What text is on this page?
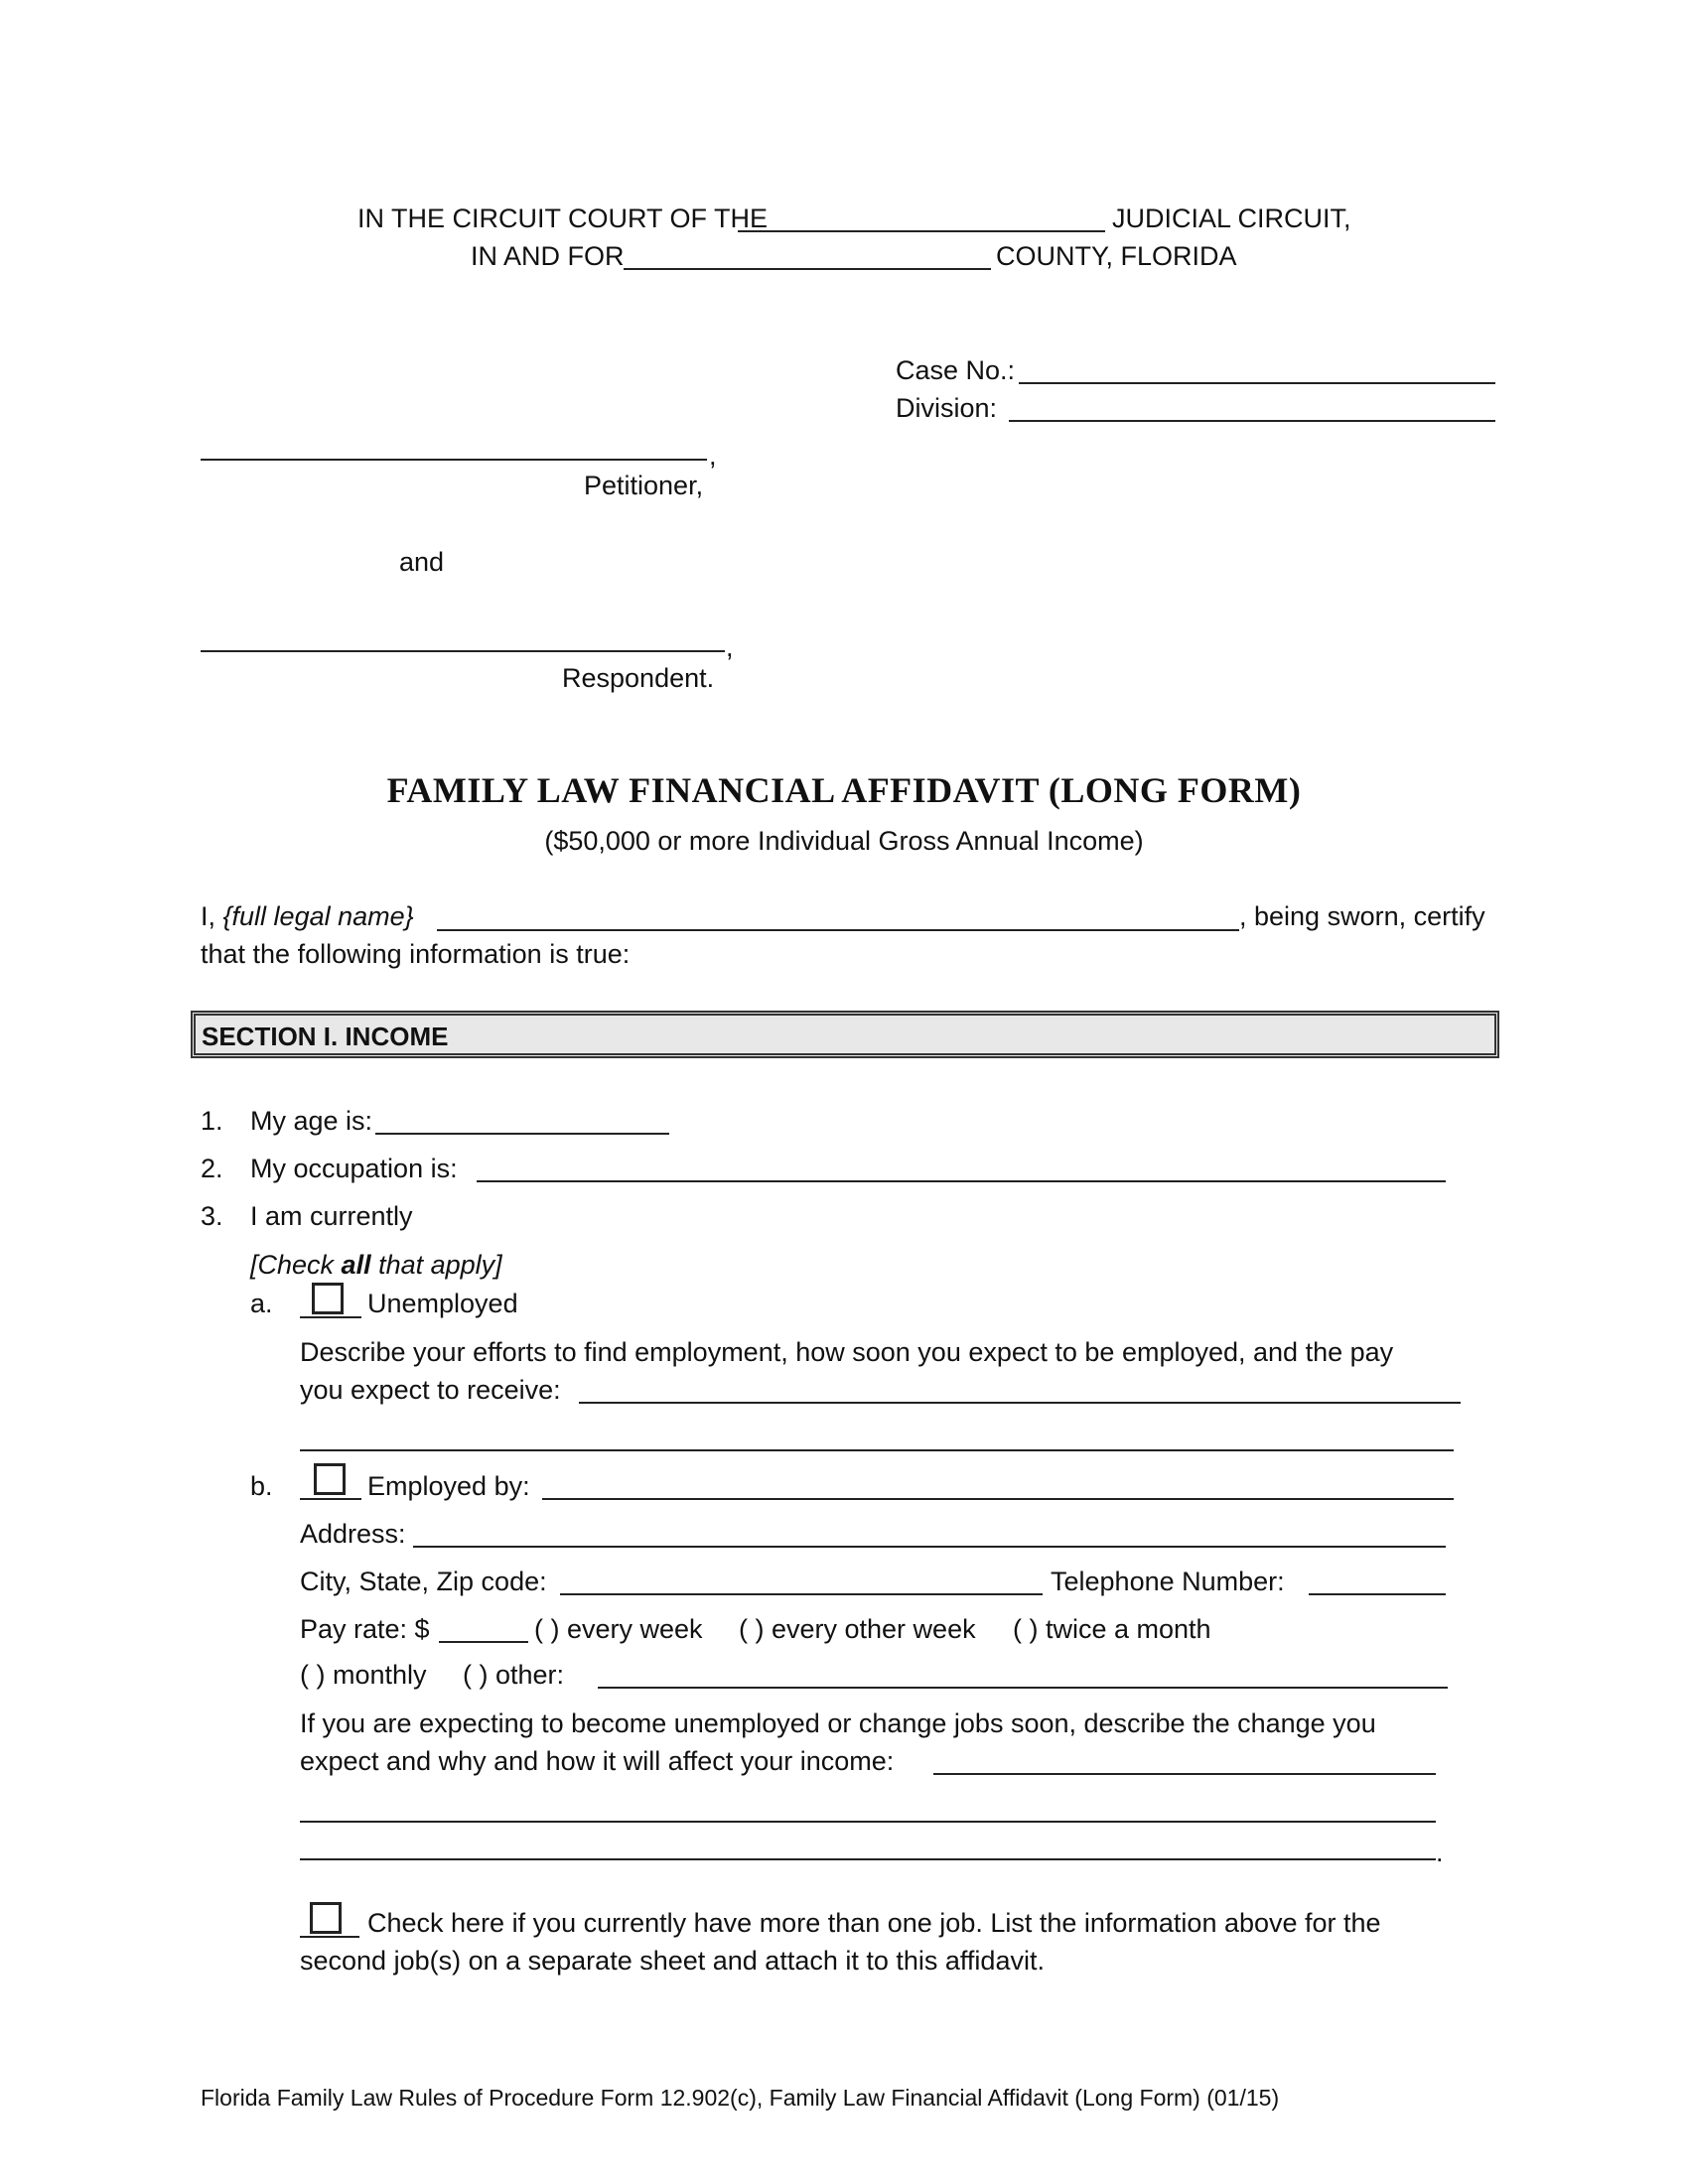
IN THE CIRCUIT COURT OF THE	JUDICIAL CIRCUIT,
IN AND FOR	COUNTY, FLORIDA
Case No.:
Division:
,
Petitioner,
and
,
Respondent.
FAMILY LAW FINANCIAL AFFIDAVIT (LONG FORM)
($50,000 or more Individual Gross Annual Income)
I, {full legal name}	, being sworn, certify
that the following information is true:
SECTION I. INCOME
1. My age is:
2. My occupation is:
3. I am currently
[Check all that apply]
a.	Unemployed
Describe your efforts to find employment, how soon you expect to be employed, and the pay
you expect to receive:
b.	Employed by:
Address:
City, State, Zip code:	Telephone Number:
Pay rate: $	( ) every week ( ) every other week ( ) twice a month
( ) monthly ( ) other:
If you are expecting to become unemployed or change jobs soon, describe the change you
expect and why and how it will affect your income:
.
Check here if you currently have more than one job. List the information above for the
second job(s) on a separate sheet and attach it to this affidavit.
Florida Family Law Rules of Procedure Form 12.902(c), Family Law Financial Affidavit (Long Form) (01/15)
